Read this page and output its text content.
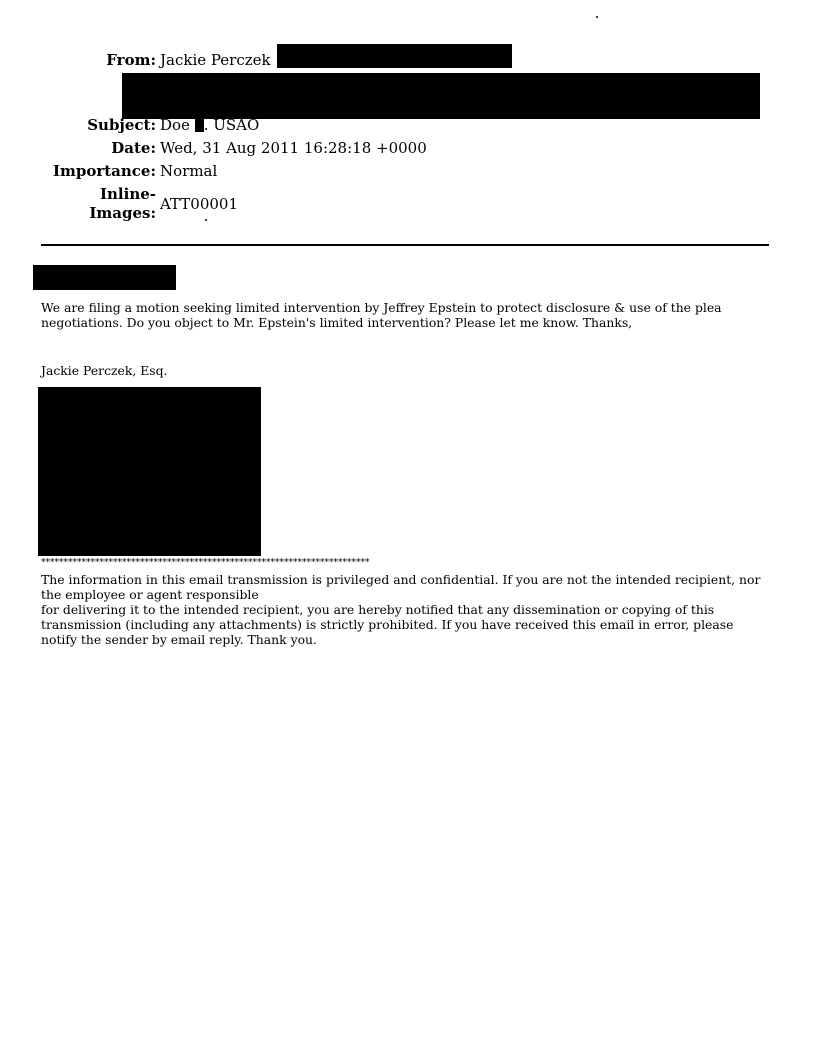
From: Jackie Perczek
Subject: Doe . USAO
Date: Wed, 31 Aug 2011 16:28:18 +0000
Importance: Normal
Inline-
Images: ATT00001
We are filing a motion seeking limited intervention by Jeffrey Epstein to protect disclosure & use of the plea
negotiations. Do you object to Mr. Epstein's limited intervention? Please let me know. Thanks,
Jackie Perczek, Esq.
*************************************************************************
The information in this email transmission is privileged and confidential. If you are not the intended recipient, nor
the employee or agent responsible
for delivering it to the intended recipient, you are hereby notified that any dissemination or copying of this
transmission (including any attachments) is strictly prohibited. If you have received this email in error, please
notify the sender by email reply. Thank you.
